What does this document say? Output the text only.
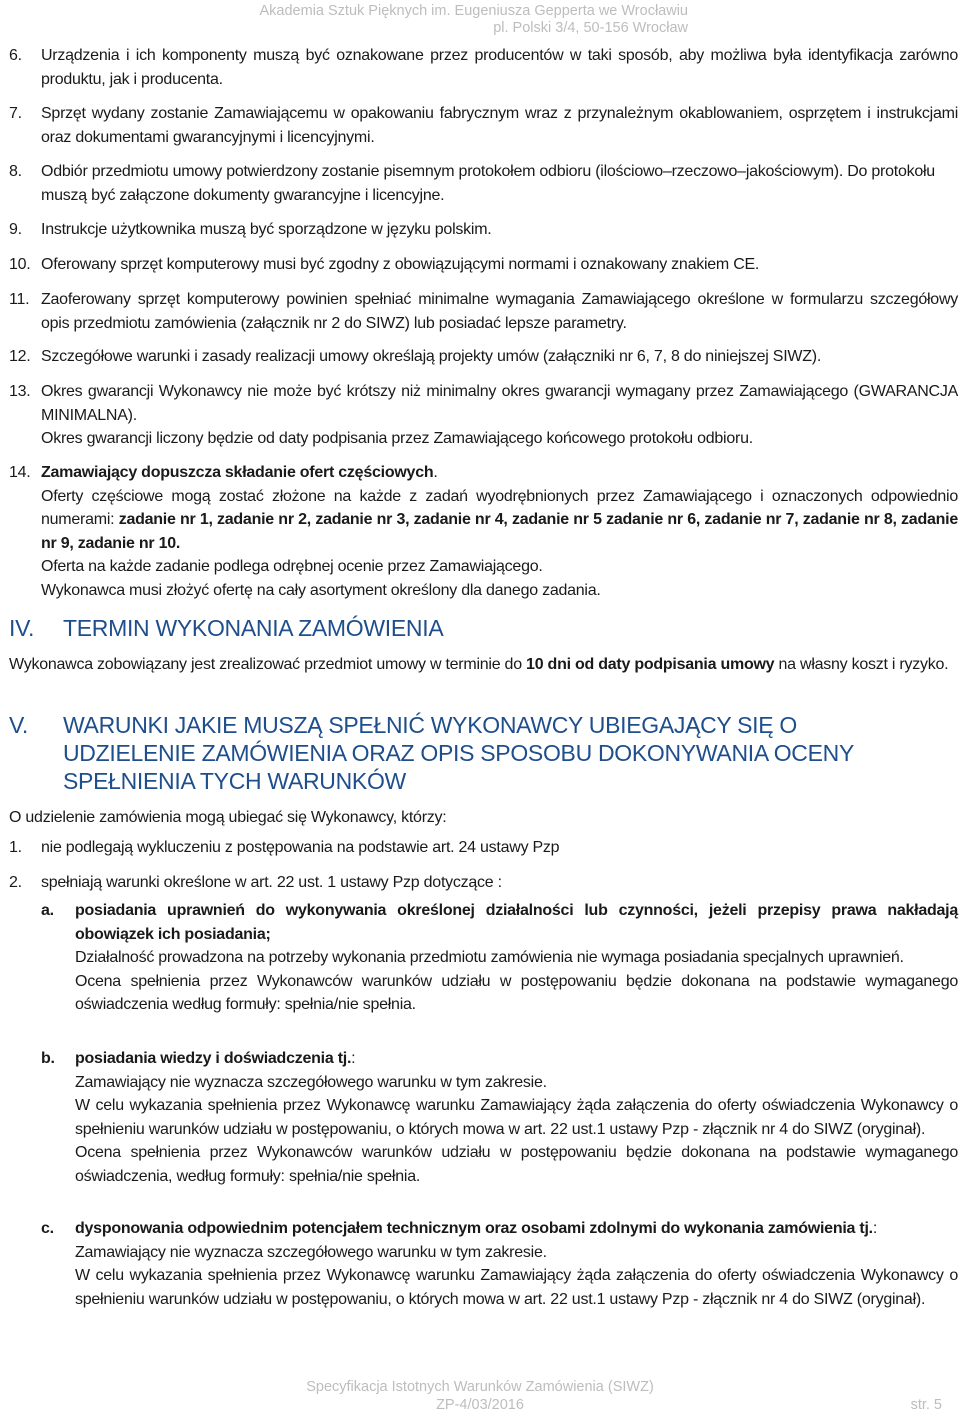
Akademia Sztuk Pięknych im. Eugeniusza Gepperta we Wrocławiu
pl. Polski 3/4, 50-156 Wrocław
6. Urządzenia i ich komponenty muszą być oznakowane przez producentów w taki sposób, aby możliwa była identyfikacja zarówno produktu, jak i producenta.
7. Sprzęt wydany zostanie Zamawiającemu w opakowaniu fabrycznym wraz z przynależnym okablowaniem, osprzętem i instrukcjami oraz dokumentami gwarancyjnymi i licencyjnymi.
8. Odbiór przedmiotu umowy potwierdzony zostanie pisemnym protokołem odbioru (ilościowo–rzeczowo–jakościowym). Do protokołu muszą być załączone dokumenty gwarancyjne i licencyjne.
9. Instrukcje użytkownika muszą być sporządzone w języku polskim.
10. Oferowany sprzęt komputerowy musi być zgodny z obowiązującymi normami i oznakowany znakiem CE.
11. Zaoferowany sprzęt komputerowy powinien spełniać minimalne wymagania Zamawiającego określone w formularzu szczegółowy opis przedmiotu zamówienia (załącznik nr 2 do SIWZ) lub posiadać lepsze parametry.
12. Szczegółowe warunki i zasady realizacji umowy określają projekty umów (załączniki nr 6, 7, 8 do niniejszej SIWZ).
13. Okres gwarancji Wykonawcy nie może być krótszy niż minimalny okres gwarancji wymagany przez Zamawiającego (GWARANCJA MINIMALNA).
Okres gwarancji liczony będzie od daty podpisania przez Zamawiającego końcowego protokołu odbioru.
14. Zamawiający dopuszcza składanie ofert częściowych.
Oferty częściowe mogą zostać złożone na każde z zadań wyodrębnionych przez Zamawiającego i oznaczonych odpowiednio numerami: zadanie nr 1, zadanie nr 2, zadanie nr 3, zadanie nr 4, zadanie nr 5 zadanie nr 6, zadanie nr 7, zadanie nr 8, zadanie nr 9, zadanie nr 10.
Oferta na każde zadanie podlega odrębnej ocenie przez Zamawiającego.
Wykonawca musi złożyć ofertę na cały asortyment określony dla danego zadania.
IV. TERMIN WYKONANIA ZAMÓWIENIA
Wykonawca zobowiązany jest zrealizować przedmiot umowy w terminie do 10 dni od daty podpisania umowy na własny koszt i ryzyko.
V. WARUNKI JAKIE MUSZĄ SPEŁNIĆ WYKONAWCY UBIEGAJĄCY SIĘ O UDZIELENIE ZAMÓWIENIA ORAZ OPIS SPOSOBU DOKONYWANIA OCENY SPEŁNIENIA TYCH WARUNKÓW
O udzielenie zamówienia mogą ubiegać się Wykonawcy, którzy:
1. nie podlegają wykluczeniu z postępowania na podstawie art. 24 ustawy Pzp
2. spełniają warunki określone w art. 22 ust. 1 ustawy Pzp dotyczące :
a. posiadania uprawnień do wykonywania określonej działalności lub czynności, jeżeli przepisy prawa nakładają obowiązek ich posiadania;
Działalność prowadzona na potrzeby wykonania przedmiotu zamówienia nie wymaga posiadania specjalnych uprawnień.
Ocena spełnienia przez Wykonawców warunków udziału w postępowaniu będzie dokonana na podstawie wymaganego oświadczenia według formuły: spełnia/nie spełnia.
b. posiadania wiedzy i doświadczenia tj.:
Zamawiający nie wyznacza szczegółowego warunku w tym zakresie.
W celu wykazania spełnienia przez Wykonawcę warunku Zamawiający żąda załączenia do oferty oświadczenia Wykonawcy o spełnieniu warunków udziału w postępowaniu, o których mowa w art. 22 ust.1 ustawy Pzp - złącznik nr 4 do SIWZ (oryginał).
Ocena spełnienia przez Wykonawców warunków udziału w postępowaniu będzie dokonana na podstawie wymaganego oświadczenia, według formuły: spełnia/nie spełnia.
c. dysponowania odpowiednim potencjałem technicznym oraz osobami zdolnymi do wykonania zamówienia tj.:
Zamawiający nie wyznacza szczegółowego warunku w tym zakresie.
W celu wykazania spełnienia przez Wykonawcę warunku Zamawiający żąda załączenia do oferty oświadczenia Wykonawcy o spełnieniu warunków udziału w postępowaniu, o których mowa w art. 22 ust.1 ustawy Pzp - złącznik nr 4 do SIWZ (oryginał).
Specyfikacja Istotnych Warunków Zamówienia (SIWZ)
ZP-4/03/2016	str. 5
